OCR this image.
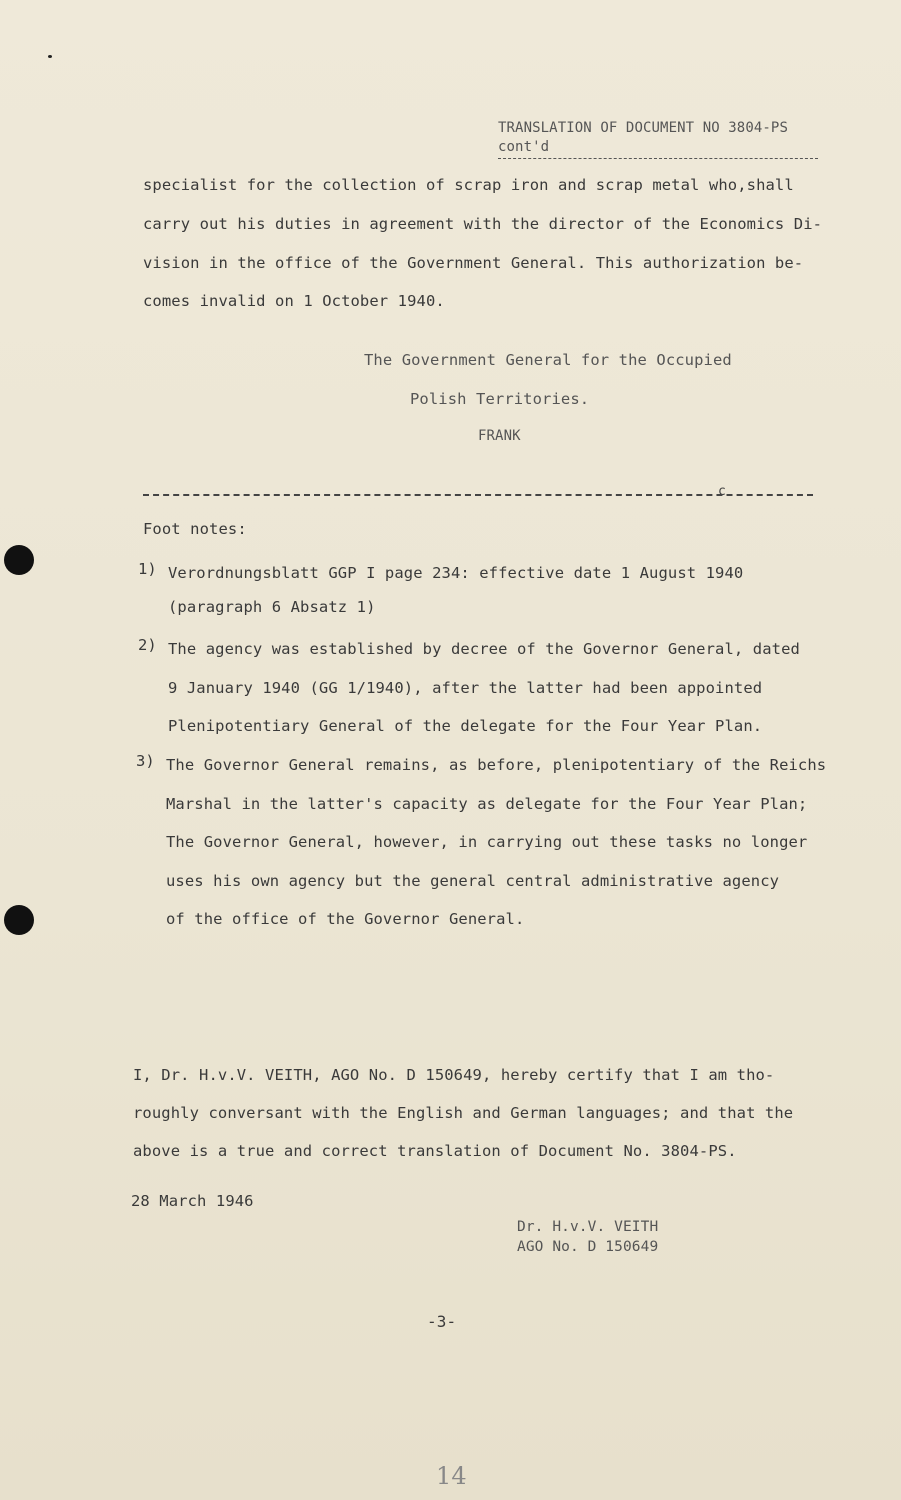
TRANSLATION OF DOCUMENT NO 3804-PS
cont'd
specialist for the collection of scrap iron and scrap metal who,shall
carry out his duties in agreement with the director of the Economics Di-
vision in the office of the Government General. This authorization be-
comes invalid on 1 October 1940.
The Government General for the Occupied
Polish Territories.
FRANK
c
Foot notes:
1) Verordnungsblatt GGP I page 234: effective date 1 August 1940
(paragraph 6 Absatz 1)
2) The agency was established by decree of the Governor General, dated
9 January 1940 (GG 1/1940), after the latter had been appointed
Plenipotentiary General of the delegate for the Four Year Plan.
3) The Governor General remains, as before, plenipotentiary of the Reichs
Marshal in the latter's capacity as delegate for the Four Year Plan;
The Governor General, however, in carrying out these tasks no longer
uses his own agency but the general central administrative agency
of the office of the Governor General.
I, Dr. H.v.V. VEITH, AGO No. D 150649, hereby certify that I am tho-
roughly conversant with the English and German languages; and that the
above is a true and correct translation of Document No. 3804-PS.
28 March 1946
Dr. H.v.V. VEITH
AGO No. D 150649
-3-
14
